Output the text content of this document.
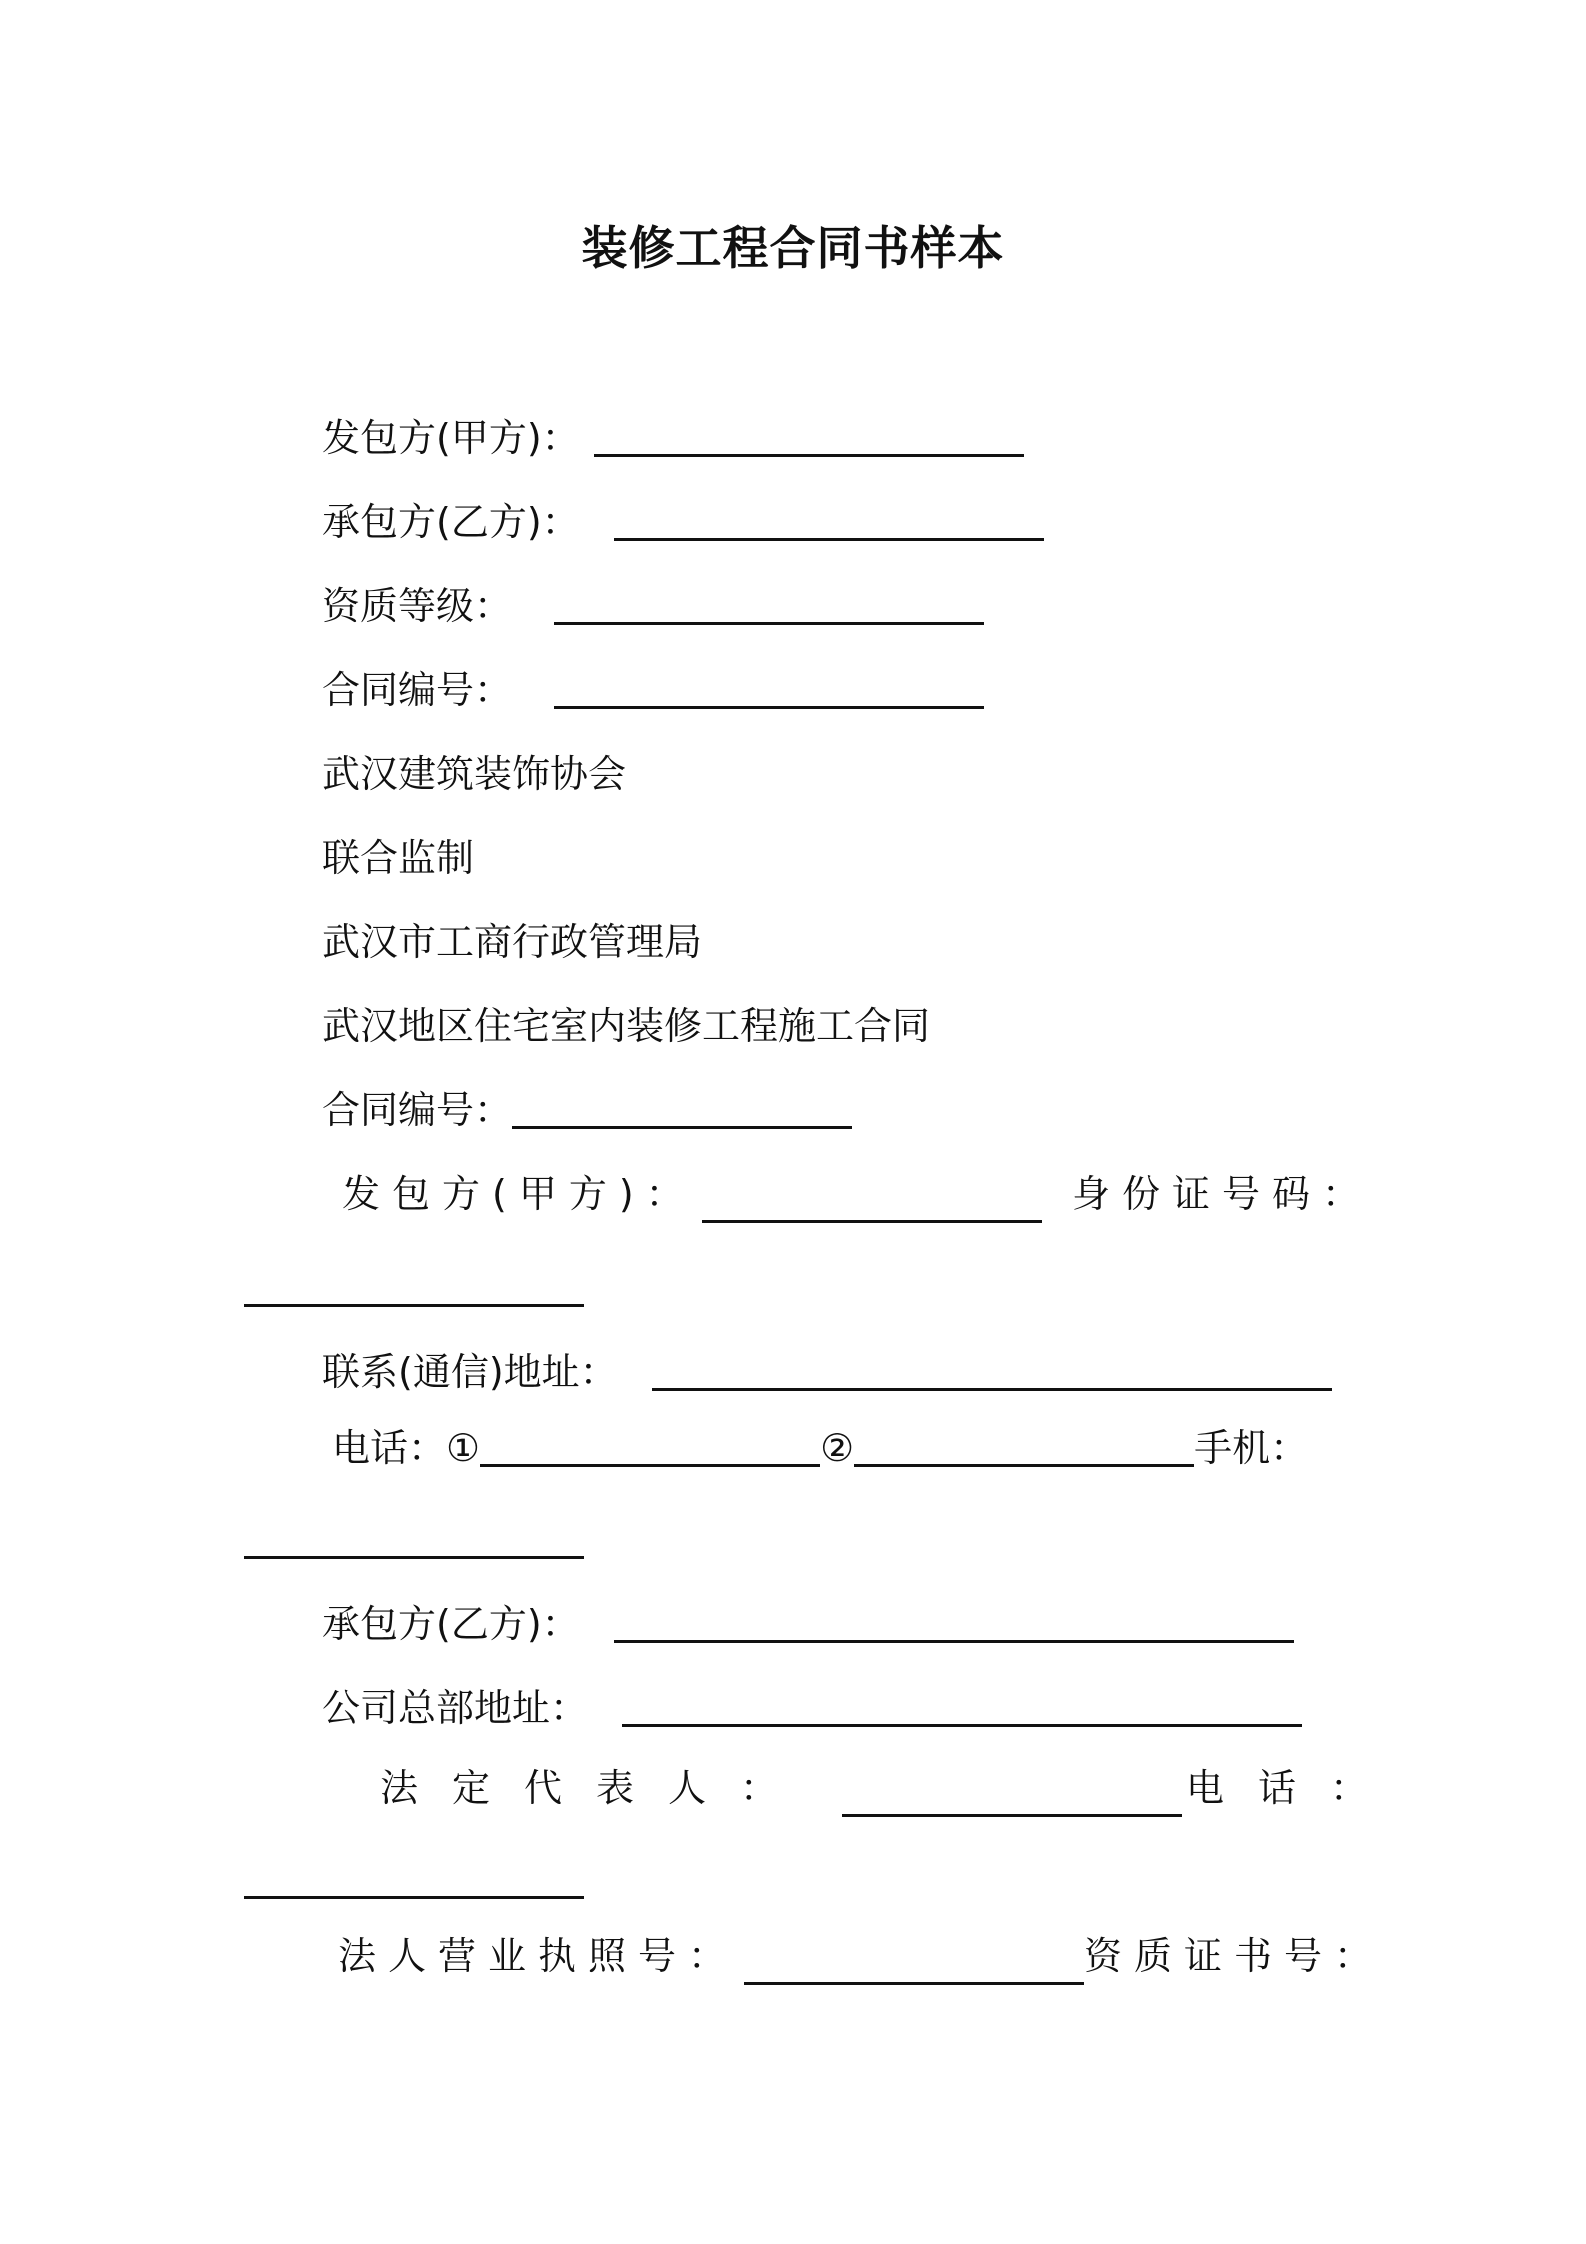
装修工程合同书样本
发包方(甲方)：
承包方(乙方)：
资质等级：
合同编号：
武汉建筑装饰协会
联合监制
武汉市工商行政管理局
武汉地区住宅室内装修工程施工合同
合同编号：
发包方(甲方)：	身份证号码：
联系(通信)地址：
电话：①	②	手机：
承包方(乙方)：
公司总部地址：
法定代表人：	电话：
法人营业执照号：	资质证书号：
